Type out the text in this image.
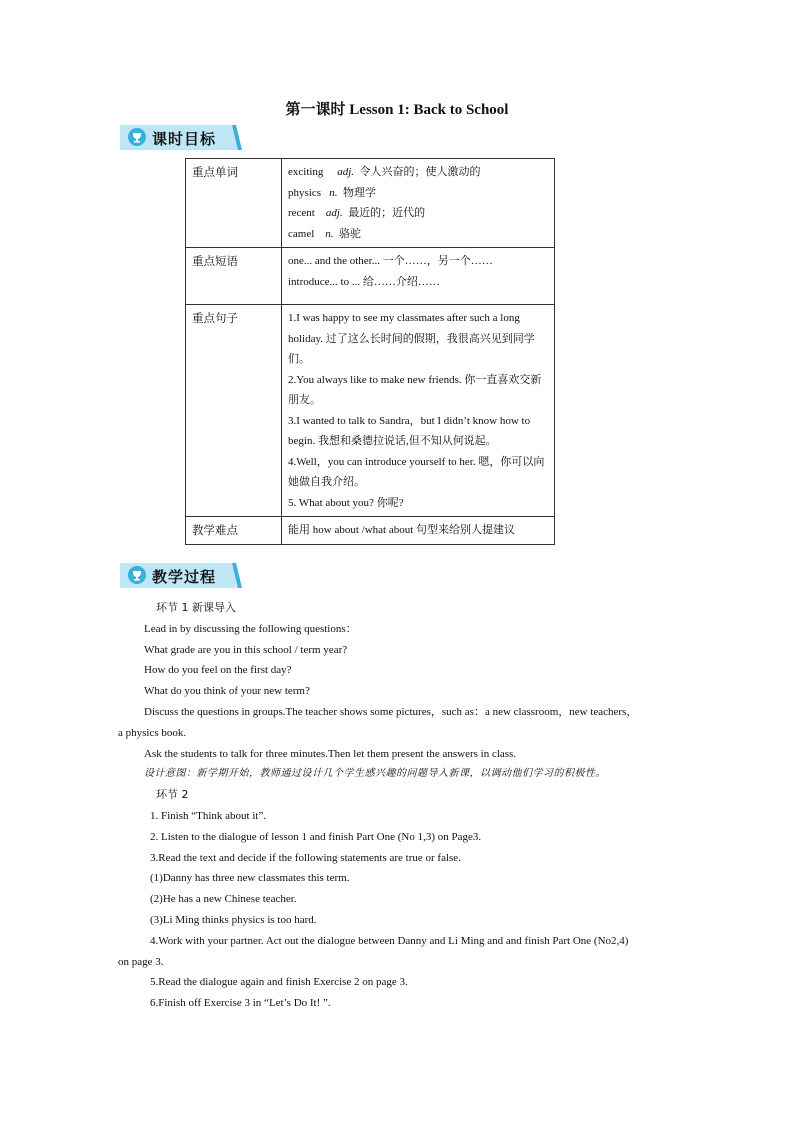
第一课时 Lesson 1: Back to School
课时目标
重点单词	exciting adj. 令人兴奋的；使人激动的
physics n. 物理学
recent adj. 最近的；近代的
camel n. 骆驼

重点短语	one... and the other... 一个……，另一个……
introduce... to ... 给……介绍……

重点句子	1.I was happy to see my classmates after such a long holiday. 过了这么长时间的假期，我很高兴见到同学们。
2.You always like to make new friends. 你一直喜欢交新朋友。
3.I wanted to talk to Sandra，but I didn’t know how to begin. 我想和桑德拉说话,但不知从何说起。
4.Well，you can introduce yourself to her. 嗯，你可以向她做自我介绍。
5. What about you? 你呢?

教学难点	能用 how about /what about 句型来给别人提建议
教学过程
环节 1 新课导入
Lead in by discussing the following questions：
What grade are you in this school / term year?
How do you feel on the first day?
What do you think of your new term?
Discuss the questions in groups.The teacher shows some pictures，such as：a new classroom，new teachers，
a physics book.
Ask the students to talk for three minutes.Then let them present the answers in class.
设计意图：新学期开始，教师通过设计几个学生感兴趣的问题导入新课，以调动他们学习的积极性。
环节 2
1. Finish “Think about it”.
2. Listen to the dialogue of lesson 1 and finish Part One (No 1,3) on Page3.
3.Read the text and decide if the following statements are true or false.
(1)Danny has three new classmates this term.
(2)He has a new Chinese teacher.
(3)Li Ming thinks physics is too hard.
4.Work with your partner. Act out the dialogue between Danny and Li Ming and and finish Part One (No2,4)
on page 3.
5.Read the dialogue again and finish Exercise 2 on page 3.
6.Finish off Exercise 3 in “Let’s Do It! ”.
